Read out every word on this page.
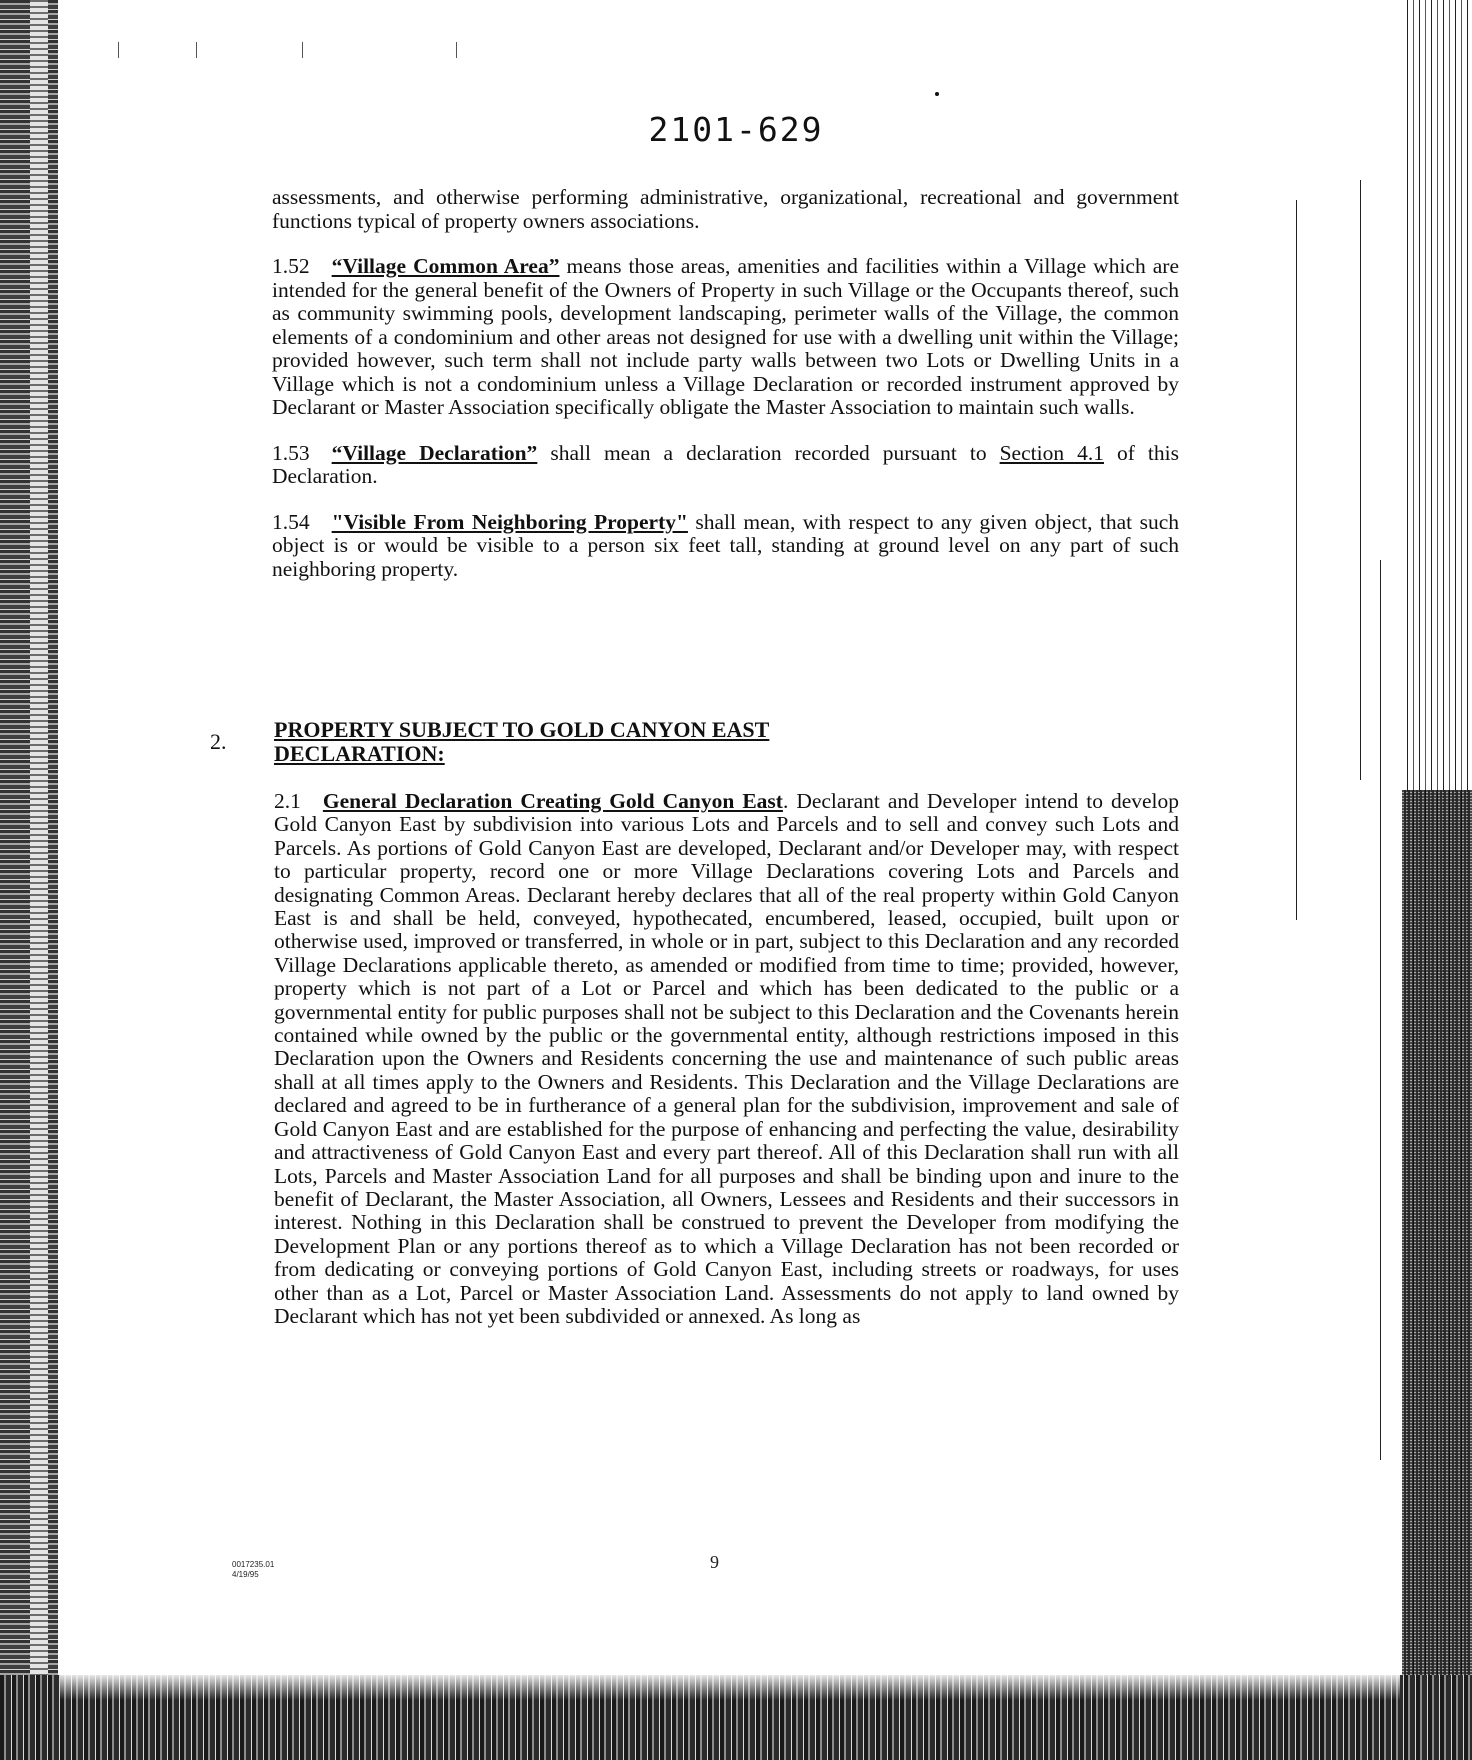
2101-629

assessments, and otherwise performing administrative, organizational, recreational and government functions typical of property owners associations.

1.52 “Village Common Area” means those areas, amenities and facilities within a Village which are intended for the general benefit of the Owners of Property in such Village or the Occupants thereof, such as community swimming pools, development landscaping, perimeter walls of the Village, the common elements of a condominium and other areas not designed for use with a dwelling unit within the Village; provided however, such term shall not include party walls between two Lots or Dwelling Units in a Village which is not a condominium unless a Village Declaration or recorded instrument approved by Declarant or Master Association specifically obligate the Master Association to maintain such walls.

1.53 “Village Declaration” shall mean a declaration recorded pursuant to Section 4.1 of this Declaration.

1.54 "Visible From Neighboring Property" shall mean, with respect to any given object, that such object is or would be visible to a person six feet tall, standing at ground level on any part of such neighboring property.

2. PROPERTY SUBJECT TO GOLD CANYON EAST DECLARATION:
2.1 General Declaration Creating Gold Canyon East. Declarant and Developer intend to develop Gold Canyon East by subdivision into various Lots and Parcels and to sell and convey such Lots and Parcels. As portions of Gold Canyon East are developed, Declarant and/or Developer may, with respect to particular property, record one or more Village Declarations covering Lots and Parcels and designating Common Areas. Declarant hereby declares that all of the real property within Gold Canyon East is and shall be held, conveyed, hypothecated, encumbered, leased, occupied, built upon or otherwise used, improved or transferred, in whole or in part, subject to this Declaration and any recorded Village Declarations applicable thereto, as amended or modified from time to time; provided, however, property which is not part of a Lot or Parcel and which has been dedicated to the public or a governmental entity for public purposes shall not be subject to this Declaration and the Covenants herein contained while owned by the public or the governmental entity, although restrictions imposed in this Declaration upon the Owners and Residents concerning the use and maintenance of such public areas shall at all times apply to the Owners and Residents. This Declaration and the Village Declarations are declared and agreed to be in furtherance of a general plan for the subdivision, improvement and sale of Gold Canyon East and are established for the purpose of enhancing and perfecting the value, desirability and attractiveness of Gold Canyon East and every part thereof. All of this Declaration shall run with all Lots, Parcels and Master Association Land for all purposes and shall be binding upon and inure to the benefit of Declarant, the Master Association, all Owners, Lessees and Residents and their successors in interest. Nothing in this Declaration shall be construed to prevent the Developer from modifying the Development Plan or any portions thereof as to which a Village Declaration has not been recorded or from dedicating or conveying portions of Gold Canyon East, including streets or roadways, for uses other than as a Lot, Parcel or Master Association Land. Assessments do not apply to land owned by Declarant which has not yet been subdivided or annexed. As long as
0017235.01
4/19/95
9
